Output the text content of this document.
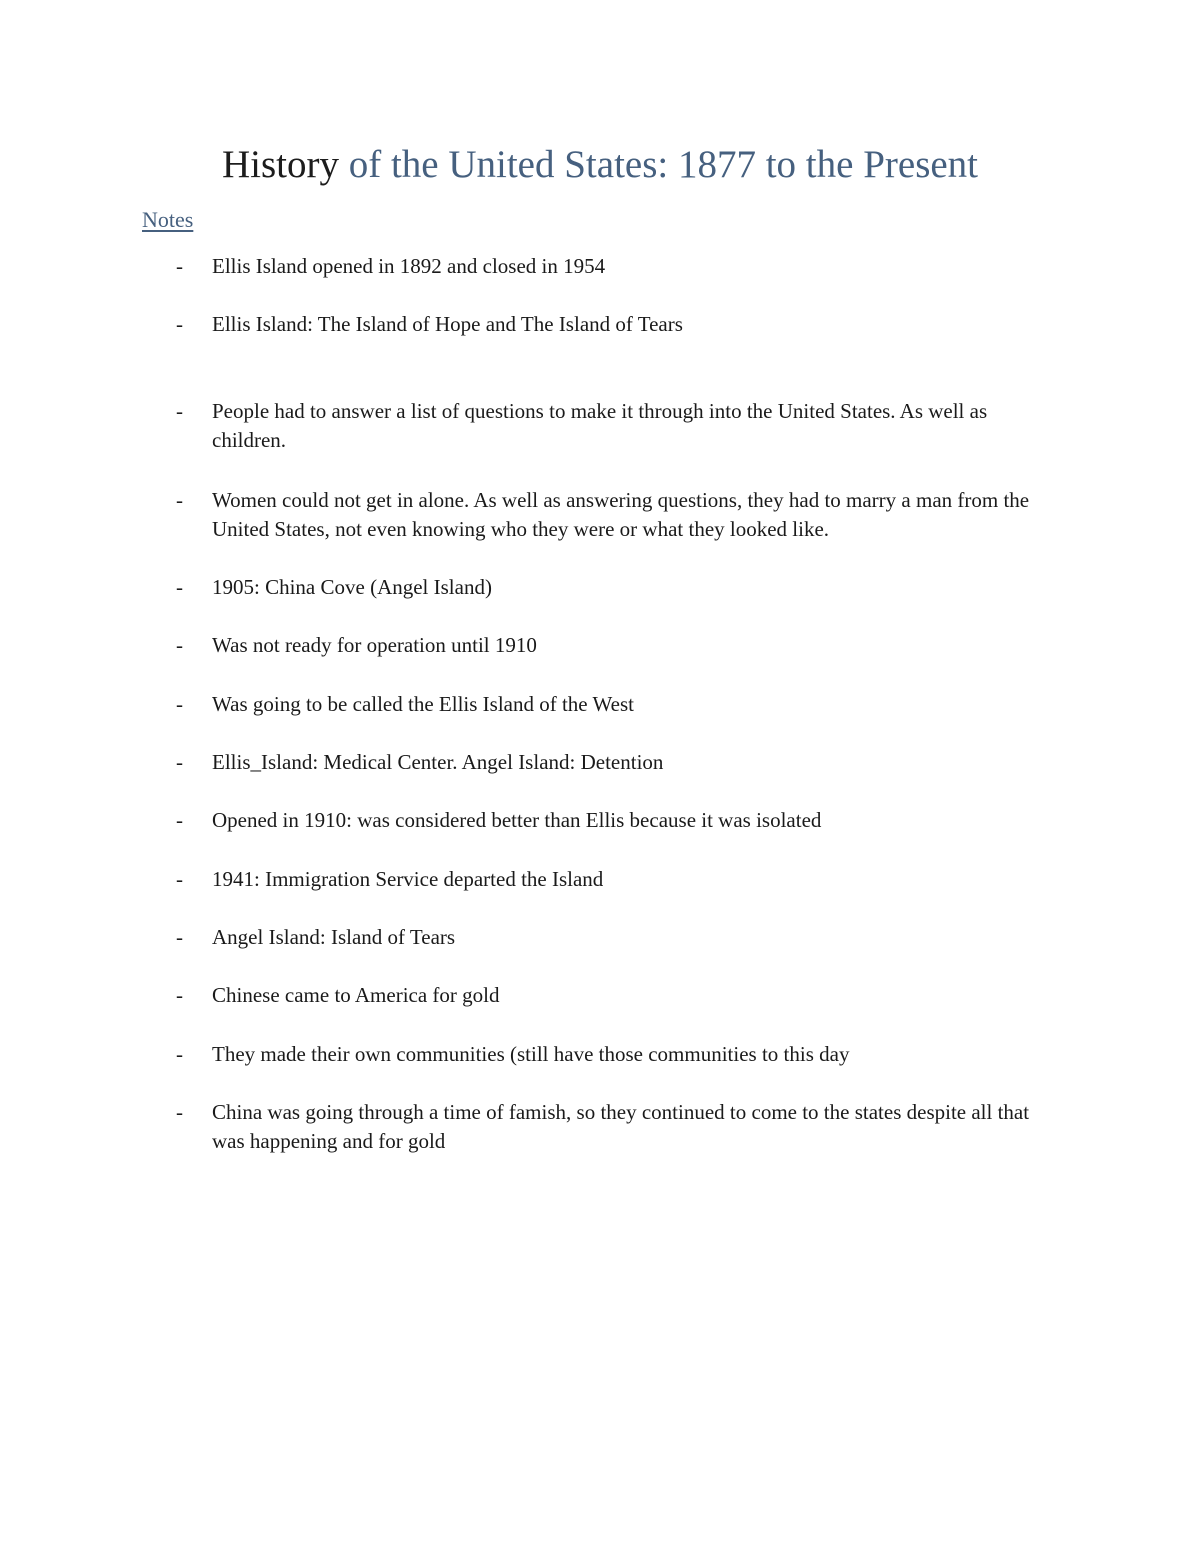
History of the United States: 1877 to the Present
Notes
-	Ellis Island opened in 1892 and closed in 1954
-	Ellis Island: The Island of Hope and The Island of Tears
-	People had to answer a list of questions to make it through into the United States. As well as children.
-	Women could not get in alone. As well as answering questions, they had to marry a man from the United States, not even knowing who they were or what they looked like.
-	1905: China Cove (Angel Island)
-	Was not ready for operation until 1910
-	Was going to be called the Ellis Island of the West
-	Ellis_Island: Medical Center. Angel Island: Detention
-	Opened in 1910: was considered better than Ellis because it was isolated
-	1941: Immigration Service departed the Island
-	Angel Island: Island of Tears
-	Chinese came to America for gold
-	They made their own communities (still have those communities to this day
-	China was going through a time of famish, so they continued to come to the states despite all that was happening and for gold
